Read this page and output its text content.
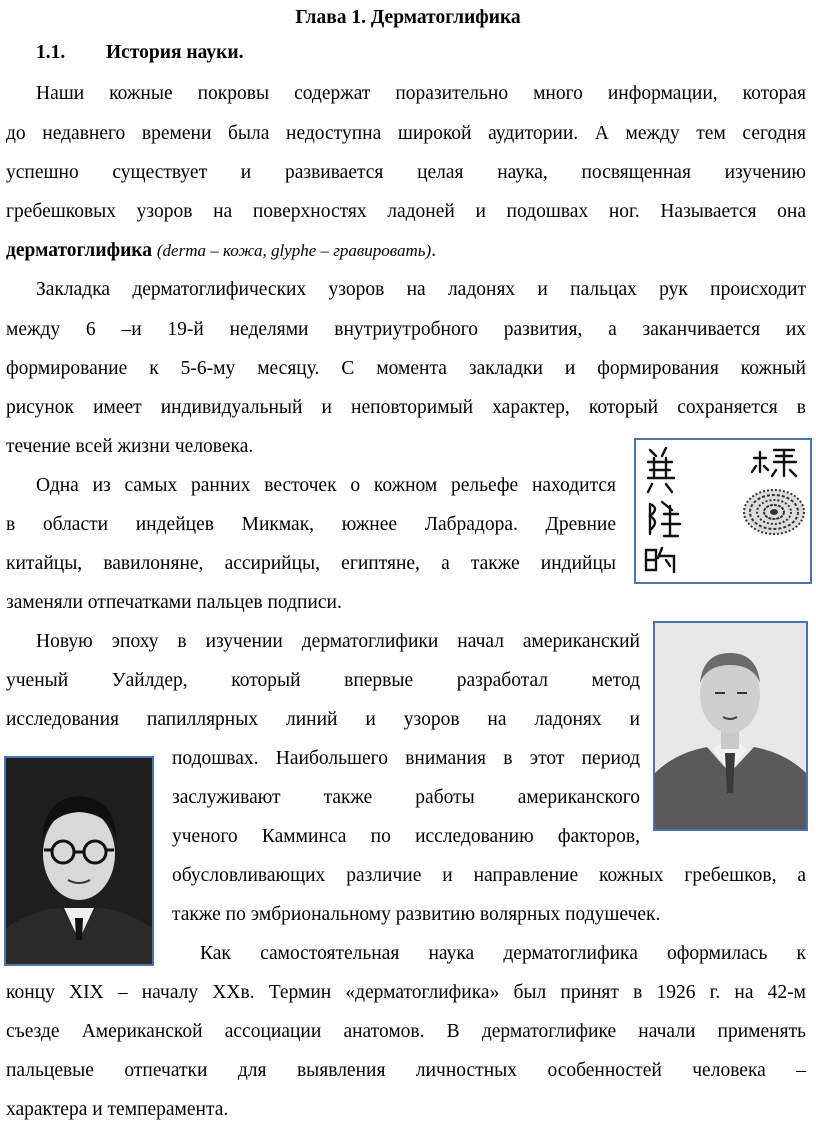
Глава 1. Дерматоглифика
1.1. История науки.
Наши кожные покровы содержат поразительно много информации, которая
до недавнего времени была недоступна широкой аудитории. А между тем сегодня
успешно существует и развивается целая наука, посвященная изучению
гребешковых узоров на поверхностях ладоней и подошвах ног. Называется она
дерматоглифика (derma – кожа, glyphe – гравировать).
Закладка дерматоглифических узоров на ладонях и пальцах рук происходит
между 6 –и 19-й неделями внутриутробного развития, а заканчивается их
формирование к 5-6-му месяцу. С момента закладки и формирования кожный
рисунок имеет индивидуальный и неповторимый характер, который сохраняется в
течение всей жизни человека.
Одна из самых ранних весточек о кожном рельефе находится
в области индейцев Микмак, южнее Лабрадора. Древние
китайцы, вавилоняне, ассирийцы, египтяне, а также индийцы
заменяли отпечатками пальцев подписи.
Новую эпоху в изучении дерматоглифики начал американский
ученый Уайлдер, который впервые разработал метод
исследования папиллярных линий и узоров на ладонях и
подошвах. Наибольшего внимания в этот период
заслуживают также работы американского
ученого Камминса по исследованию факторов,
обусловливающих различие и направление кожных гребешков, а
также по эмбриональному развитию волярных подушечек.
Как самостоятельная наука дерматоглифика оформилась к
концу XIX – началу XXв. Термин «дерматоглифика» был принят в 1926 г. на 42-м
съезде Американской ассоциации анатомов. В дерматоглифике начали применять
пальцевые отпечатки для выявления личностных особенностей человека –
характера и темперамента.
